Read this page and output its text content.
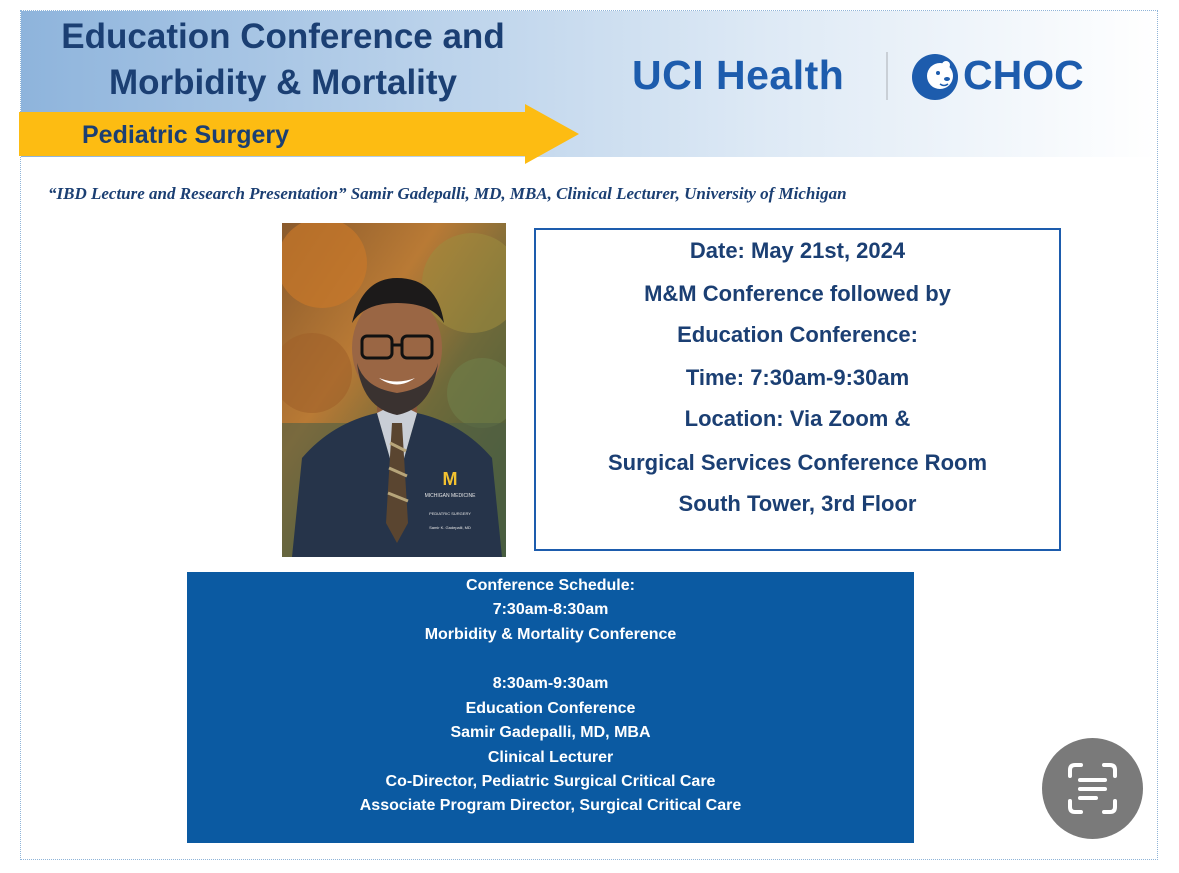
Education Conference and
Morbidity & Mortality
Pediatric Surgery
UCI Health	CHOC
“IBD Lecture and Research Presentation” Samir Gadepalli, MD, MBA, Clinical Lecturer, University of Michigan
M
MICHIGAN MEDICINE
PEDIATRIC SURGERY
Samir K. Gadepalli, MD
Date: May 21st, 2024
M&M Conference followed by
Education Conference:
Time: 7:30am-9:30am
Location: Via Zoom &
Surgical Services Conference Room
South Tower, 3rd Floor
Conference Schedule:
7:30am-8:30am
Morbidity & Mortality Conference
8:30am-9:30am
Education Conference
Samir Gadepalli, MD, MBA
Clinical Lecturer
Co-Director, Pediatric Surgical Critical Care
Associate Program Director, Surgical Critical Care
